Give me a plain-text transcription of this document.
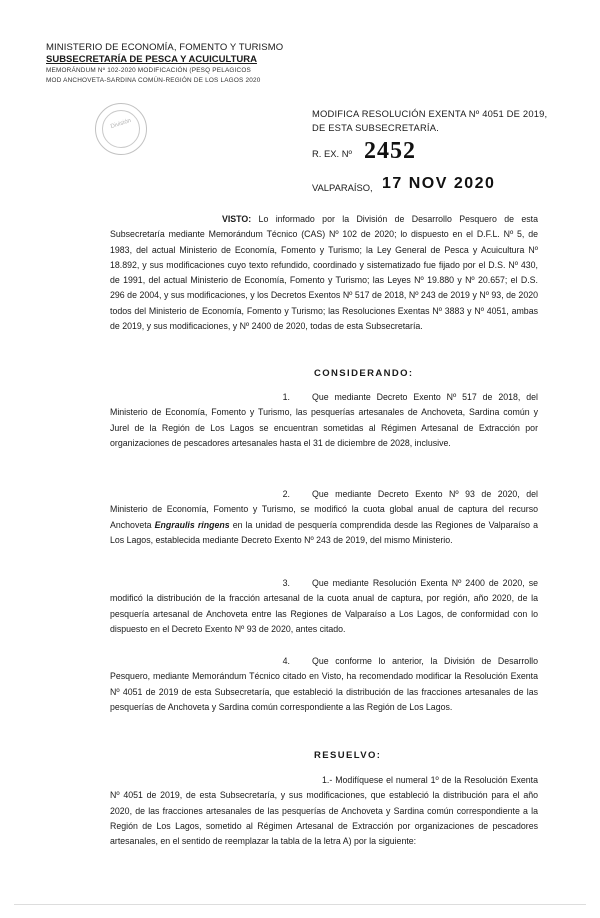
MINISTERIO DE ECONOMÍA, FOMENTO Y TURISMO
SUBSECRETARÍA DE PESCA Y ACUICULTURA
MEMORÁNDUM Nº 102-2020 MODIFICACIÓN (PESQ PELAGICOS
MOD ANCHOVETA-SARDINA COMÚN-REGIÓN DE LOS LAGOS 2020
División
MODIFICA RESOLUCIÓN EXENTA Nº 4051 DE 2019,
DE ESTA SUBSECRETARÍA.
R. EX. Nº 2452
VALPARAÍSO, 17 NOV 2020
VISTO: Lo informado por la División de Desarrollo Pesquero de esta Subsecretaría mediante Memorándum Técnico (CAS) Nº 102 de 2020; lo dispuesto en el D.F.L. Nº 5, de 1983, del actual Ministerio de Economía, Fomento y Turismo; la Ley General de Pesca y Acuicultura Nº 18.892, y sus modificaciones cuyo texto refundido, coordinado y sistematizado fue fijado por el D.S. Nº 430, de 1991, del actual Ministerio de Economía, Fomento y Turismo; las Leyes Nº 19.880 y Nº 20.657; el D.S. 296 de 2004, y sus modificaciones, y los Decretos Exentos Nº 517 de 2018, Nº 243 de 2019 y Nº 93, de 2020 todos del Ministerio de Economía, Fomento y Turismo; las Resoluciones Exentas Nº 3883 y Nº 4051, ambas de 2019, y sus modificaciones, y Nº 2400 de 2020, todas de esta Subsecretaría.
CONSIDERANDO:
1.	Que mediante Decreto Exento Nº 517 de 2018, del Ministerio de Economía, Fomento y Turismo, las pesquerías artesanales de Anchoveta, Sardina común y Jurel de la Región de Los Lagos se encuentran sometidas al Régimen Artesanal de Extracción por organizaciones de pescadores artesanales hasta el 31 de diciembre de 2028, inclusive.
2.	Que mediante Decreto Exento Nº 93 de 2020, del Ministerio de Economía, Fomento y Turismo, se modificó la cuota global anual de captura del recurso Anchoveta Engraulis ringens en la unidad de pesquería comprendida desde las Regiones de Valparaíso a Los Lagos, establecida mediante Decreto Exento Nº 243 de 2019, del mismo Ministerio.
3.	Que mediante Resolución Exenta Nº 2400 de 2020, se modificó la distribución de la fracción artesanal de la cuota anual de captura, por región, año 2020, de la pesquería artesanal de Anchoveta entre las Regiones de Valparaíso a Los Lagos, de conformidad con lo dispuesto en el Decreto Exento Nº 93 de 2020, antes citado.
4.	Que conforme lo anterior, la División de Desarrollo Pesquero, mediante Memorándum Técnico citado en Visto, ha recomendado modificar la Resolución Exenta Nº 4051 de 2019 de esta Subsecretaría, que estableció la distribución de las fracciones artesanales de las pesquerías de Anchoveta y Sardina común correspondiente a las Región de Los Lagos.
RESUELVO:
1.- Modifíquese el numeral 1º de la Resolución Exenta Nº 4051 de 2019, de esta Subsecretaría, y sus modificaciones, que estableció la distribución para el año 2020, de las fracciones artesanales de las pesquerías de Anchoveta y Sardina común correspondiente a la Región de Los Lagos, sometido al Régimen Artesanal de Extracción por organizaciones de pescadores artesanales, en el sentido de reemplazar la tabla de la letra A) por la siguiente:
